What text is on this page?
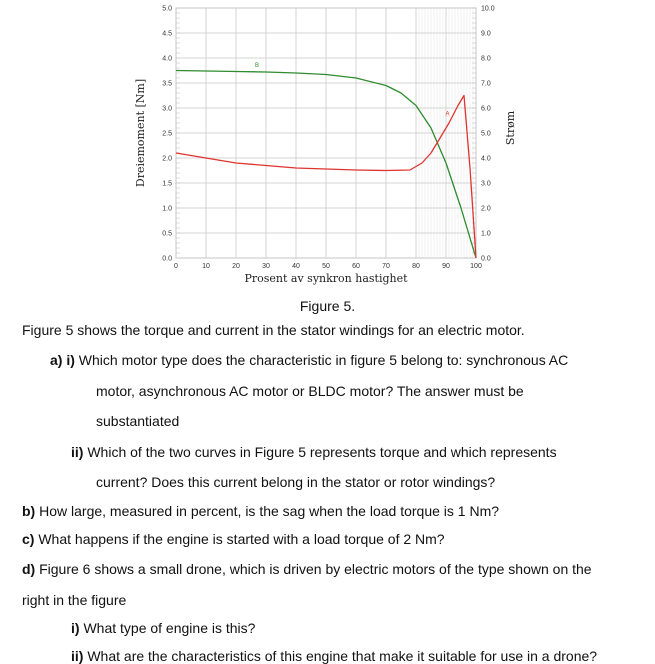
0	10	20	30	40	50	60	70	80	90	100
0.0
0.5
1.0
1.5
2.0
2.5
3.0
3.5
4.0
4.5
5.0
0.0
1.0
2.0
3.0
4.0
5.0
6.0
7.0
8.0
9.0
10.0
B
A
Prosent av synkron hastighet
Dreiemoment [Nm]	Strøm
Figure 5.
Figure 5 shows the torque and current in the stator windings for an electric motor.
a) i) Which motor type does the characteristic in figure 5 belong to: synchronous AC
motor, asynchronous AC motor or BLDC motor? The answer must be
substantiated
ii) Which of the two curves in Figure 5 represents torque and which represents
current? Does this current belong in the stator or rotor windings?
b) How large, measured in percent, is the sag when the load torque is 1 Nm?
c) What happens if the engine is started with a load torque of 2 Nm?
d) Figure 6 shows a small drone, which is driven by electric motors of the type shown on the
right in the figure
i) What type of engine is this?
ii) What are the characteristics of this engine that make it suitable for use in a drone?
